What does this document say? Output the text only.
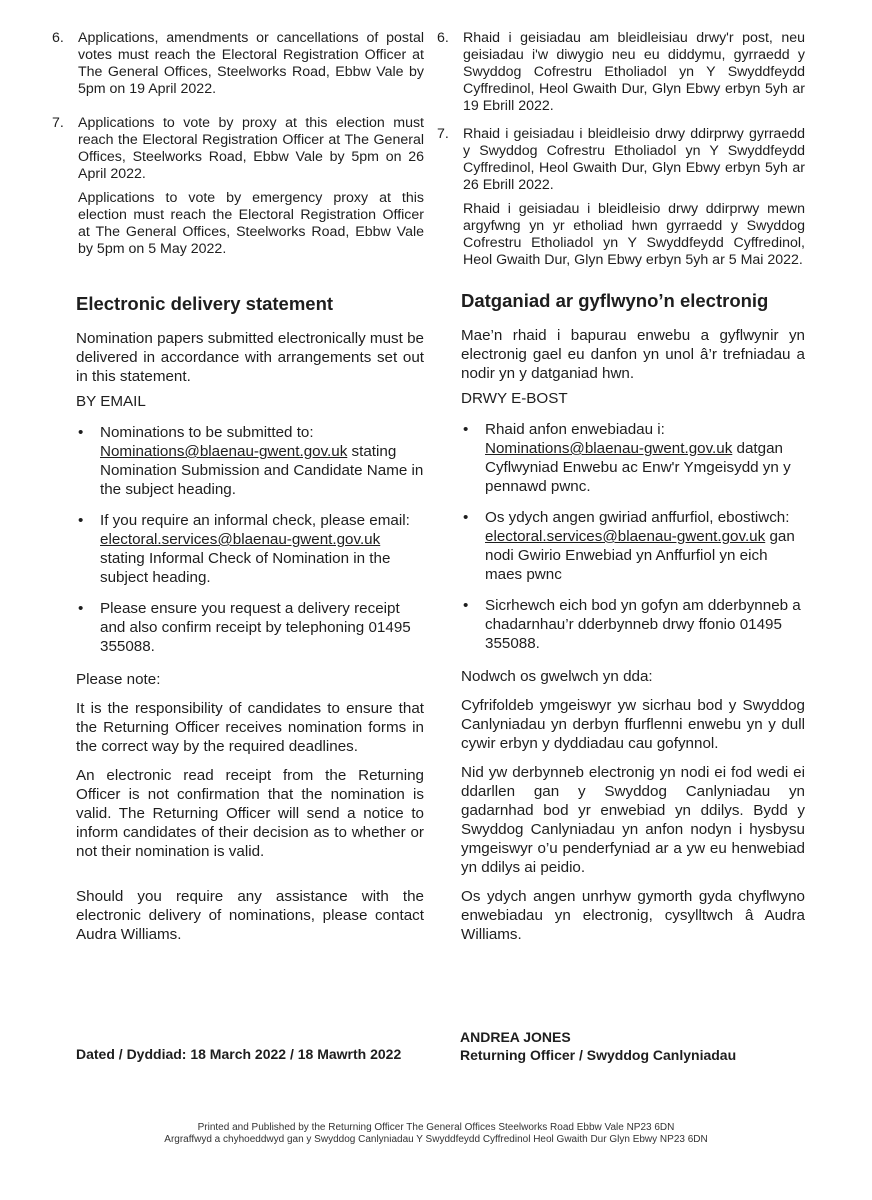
6. Applications, amendments or cancellations of postal votes must reach the Electoral Registration Officer at The General Offices, Steelworks Road, Ebbw Vale by 5pm on 19 April 2022.

7. Applications to vote by proxy at this election must reach the Electoral Registration Officer at The General Offices, Steelworks Road, Ebbw Vale by 5pm on 26 April 2022.

Applications to vote by emergency proxy at this election must reach the Electoral Registration Officer at The General Offices, Steelworks Road, Ebbw Vale by 5pm on 5 May 2022.

Electronic delivery statement

Nomination papers submitted electronically must be delivered in accordance with arrangements set out in this statement.

BY EMAIL

• Nominations to be submitted to: Nominations@blaenau-gwent.gov.uk stating Nomination Submission and Candidate Name in the subject heading.
• If you require an informal check, please email: electoral.services@blaenau-gwent.gov.uk stating Informal Check of Nomination in the subject heading.
• Please ensure you request a delivery receipt and also confirm receipt by telephoning 01495 355088.

Please note:

It is the responsibility of candidates to ensure that the Returning Officer receives nomination forms in the correct way by the required deadlines.

An electronic read receipt from the Returning Officer is not confirmation that the nomination is valid. The Returning Officer will send a notice to inform candidates of their decision as to whether or not their nomination is valid.

Should you require any assistance with the electronic delivery of nominations, please contact Audra Williams.

6. Rhaid i geisiadau am bleidleisiau drwy'r post, neu geisiadau i'w diwygio neu eu diddymu, gyrraedd y Swyddog Cofrestru Etholiadol yn Y Swyddfeydd Cyffredinol, Heol Gwaith Dur, Glyn Ebwy erbyn 5yh ar 19 Ebrill 2022.

7. Rhaid i geisiadau i bleidleisio drwy ddirprwy gyrraedd y Swyddog Cofrestru Etholiadol yn Y Swyddfeydd Cyffredinol, Heol Gwaith Dur, Glyn Ebwy erbyn 5yh ar 26 Ebrill 2022.

Rhaid i geisiadau i bleidleisio drwy ddirprwy mewn argyfwng yn yr etholiad hwn gyrraedd y Swyddog Cofrestru Etholiadol yn Y Swyddfeydd Cyffredinol, Heol Gwaith Dur, Glyn Ebwy erbyn 5yh ar 5 Mai 2022.

Datganiad ar gyflwyno’n electronig

Mae’n rhaid i bapurau enwebu a gyflwynir yn electronig gael eu danfon yn unol â’r trefniadau a nodir yn y datganiad hwn.

DRWY E-BOST

• Rhaid anfon enwebiadau i: Nominations@blaenau-gwent.gov.uk datgan Cyflwyniad Enwebu ac Enw'r Ymgeisydd yn y pennawd pwnc.
• Os ydych angen gwiriad anffurfiol, ebostiwch: electoral.services@blaenau-gwent.gov.uk gan nodi Gwirio Enwebiad yn Anffurfiol yn eich maes pwnc
• Sicrhewch eich bod yn gofyn am dderbynneb a chadarnhau’r dderbynneb drwy ffonio 01495 355088.

Nodwch os gwelwch yn dda:

Cyfrifoldeb ymgeiswyr yw sicrhau bod y Swyddog Canlyniadau yn derbyn ffurflenni enwebu yn y dull cywir erbyn y dyddiadau cau gofynnol.

Nid yw derbynneb electronig yn nodi ei fod wedi ei ddarllen gan y Swyddog Canlyniadau yn gadarnhad bod yr enwebiad yn ddilys. Bydd y Swyddog Canlyniadau yn anfon nodyn i hysbysu ymgeiswyr o’u penderfyniad ar a yw eu henwebiad yn ddilys ai peidio.

Os ydych angen unrhyw gymorth gyda chyflwyno enwebiadau yn electronig, cysylltwch â Audra Williams.

Dated / Dyddiad: 18 March 2022 / 18 Mawrth 2022
ANDREA JONES
Returning Officer / Swyddog Canlyniadau
Printed and Published by the Returning Officer The General Offices Steelworks Road Ebbw Vale NP23 6DN
Argraffwyd a chyhoeddwyd gan y Swyddog Canlyniadau Y Swyddfeydd Cyffredinol Heol Gwaith Dur Glyn Ebwy NP23 6DN
